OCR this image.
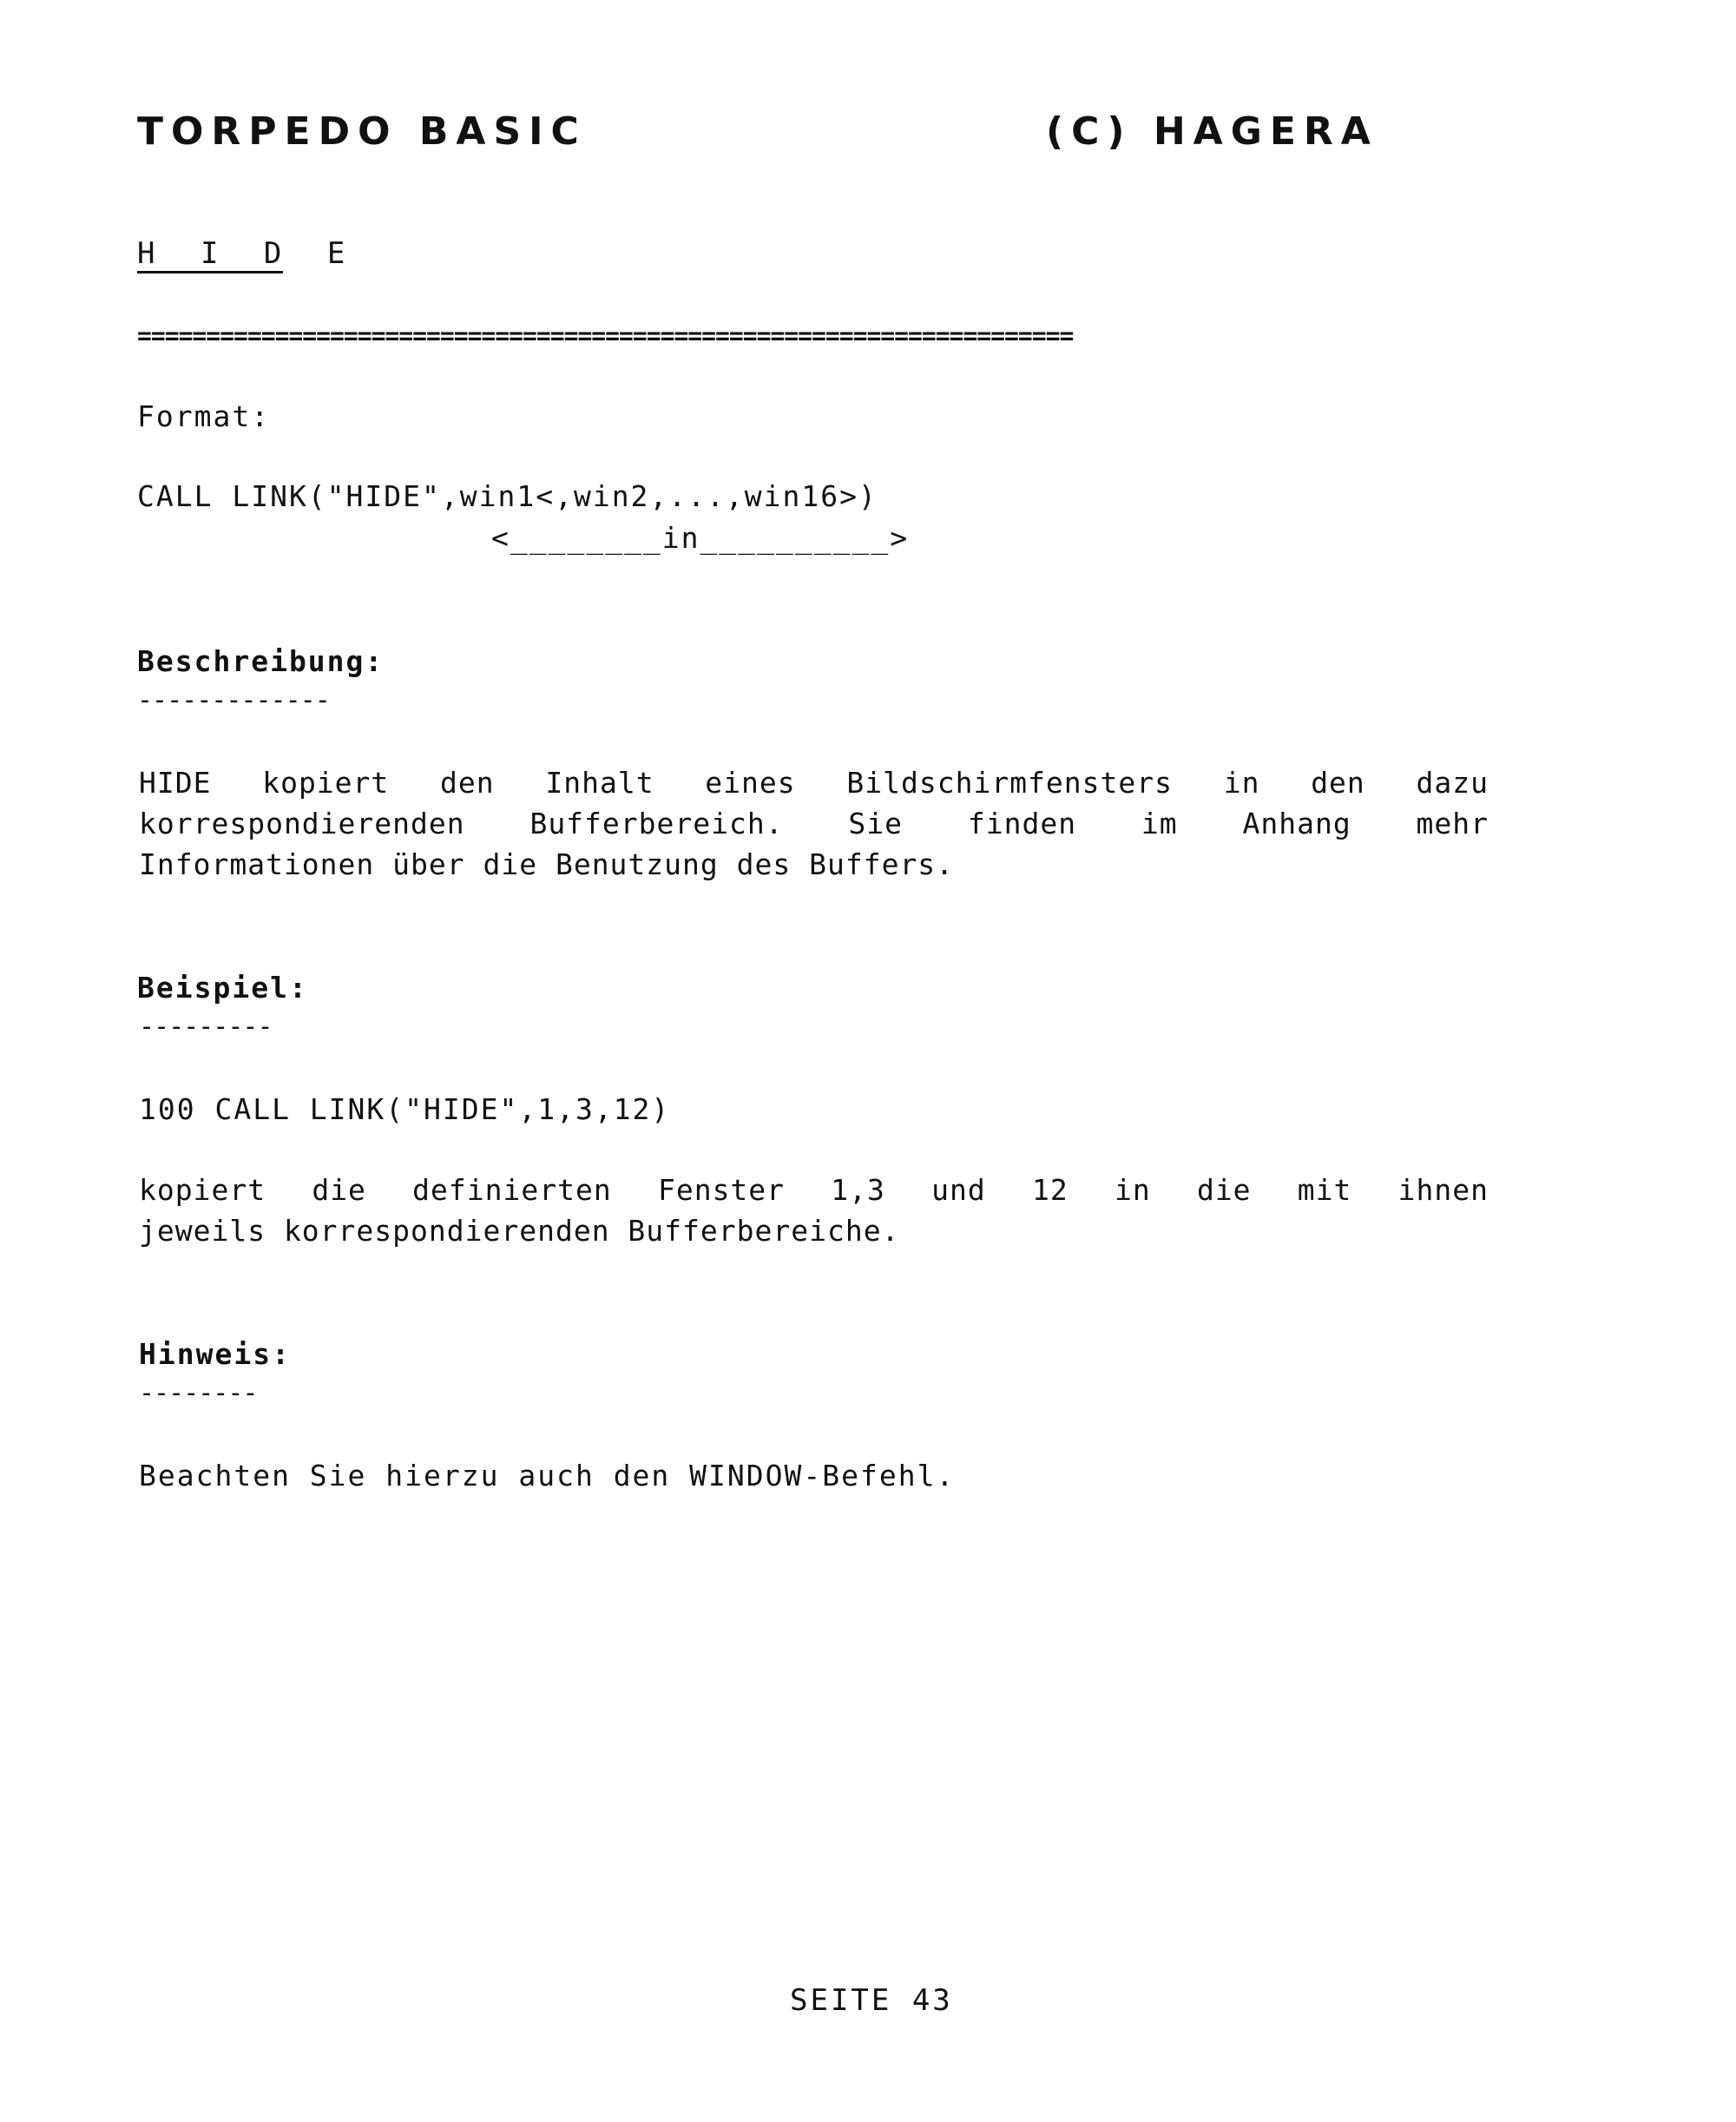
TORPEDO BASIC	(C) HAGERA
H I D E
====================================================================
Format:
CALL LINK("HIDE",win1<,win2,...,win16>)
<________in__________>
Beschreibung:
-------------
HIDE kopiert den Inhalt eines Bildschirmfensters in den dazu
korrespondierenden Bufferbereich. Sie finden im Anhang mehr
Informationen über die Benutzung des Buffers.
Beispiel:
---------
100 CALL LINK("HIDE",1,3,12)
kopiert die definierten Fenster 1,3 und 12 in die mit ihnen
jeweils korrespondierenden Bufferbereiche.
Hinweis:
--------
Beachten Sie hierzu auch den WINDOW-Befehl.
SEITE 43
